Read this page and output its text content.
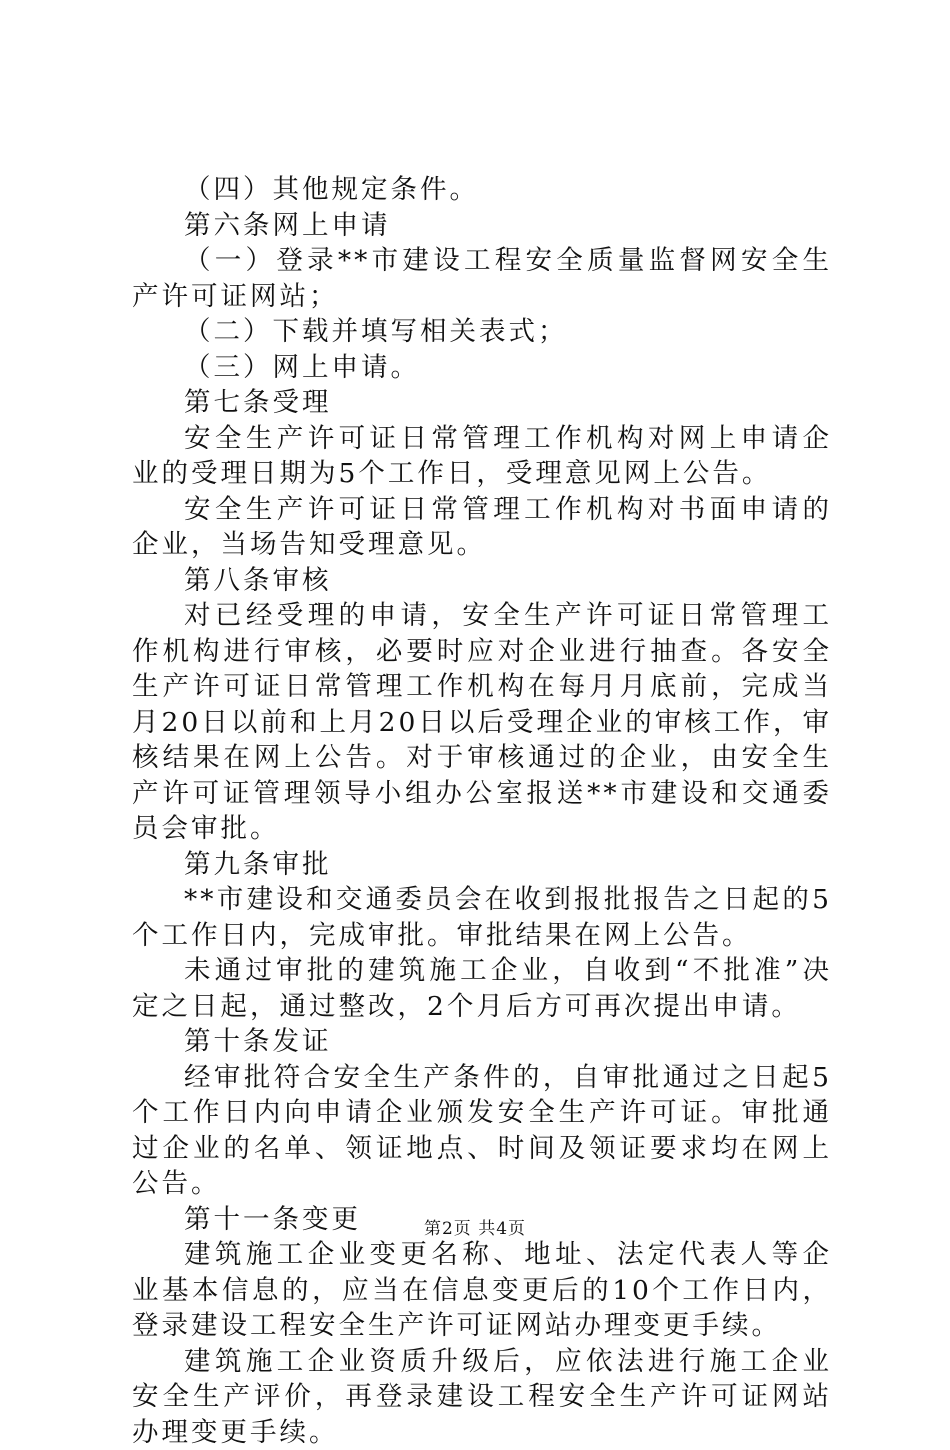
（四）其他规定条件。

第六条网上申请

（一）登录**市建设工程安全质量监督网安全生产许可证网站；

（二）下载并填写相关表式；

（三）网上申请。

第七条受理

安全生产许可证日常管理工作机构对网上申请企业的受理日期为5个工作日，受理意见网上公告。

安全生产许可证日常管理工作机构对书面申请的企业，当场告知受理意见。

第八条审核

对已经受理的申请，安全生产许可证日常管理工作机构进行审核，必要时应对企业进行抽查。各安全生产许可证日常管理工作机构在每月月底前，完成当月20日以前和上月20日以后受理企业的审核工作，审核结果在网上公告。对于审核通过的企业，由安全生产许可证管理领导小组办公室报送**市建设和交通委员会审批。

第九条审批

**市建设和交通委员会在收到报批报告之日起的5个工作日内，完成审批。审批结果在网上公告。

未通过审批的建筑施工企业，自收到“不批准”决定之日起，通过整改，2个月后方可再次提出申请。

第十条发证

经审批符合安全生产条件的，自审批通过之日起5个工作日内向申请企业颁发安全生产许可证。审批通过企业的名单、领证地点、时间及领证要求均在网上公告。

第十一条变更

建筑施工企业变更名称、地址、法定代表人等企业基本信息的，应当在信息变更后的10个工作日内，登录建设工程安全生产许可证网站办理变更手续。

建筑施工企业资质升级后，应依法进行施工企业安全生产评价，再登录建设工程安全生产许可证网站办理变更手续。

第2页 共4页
